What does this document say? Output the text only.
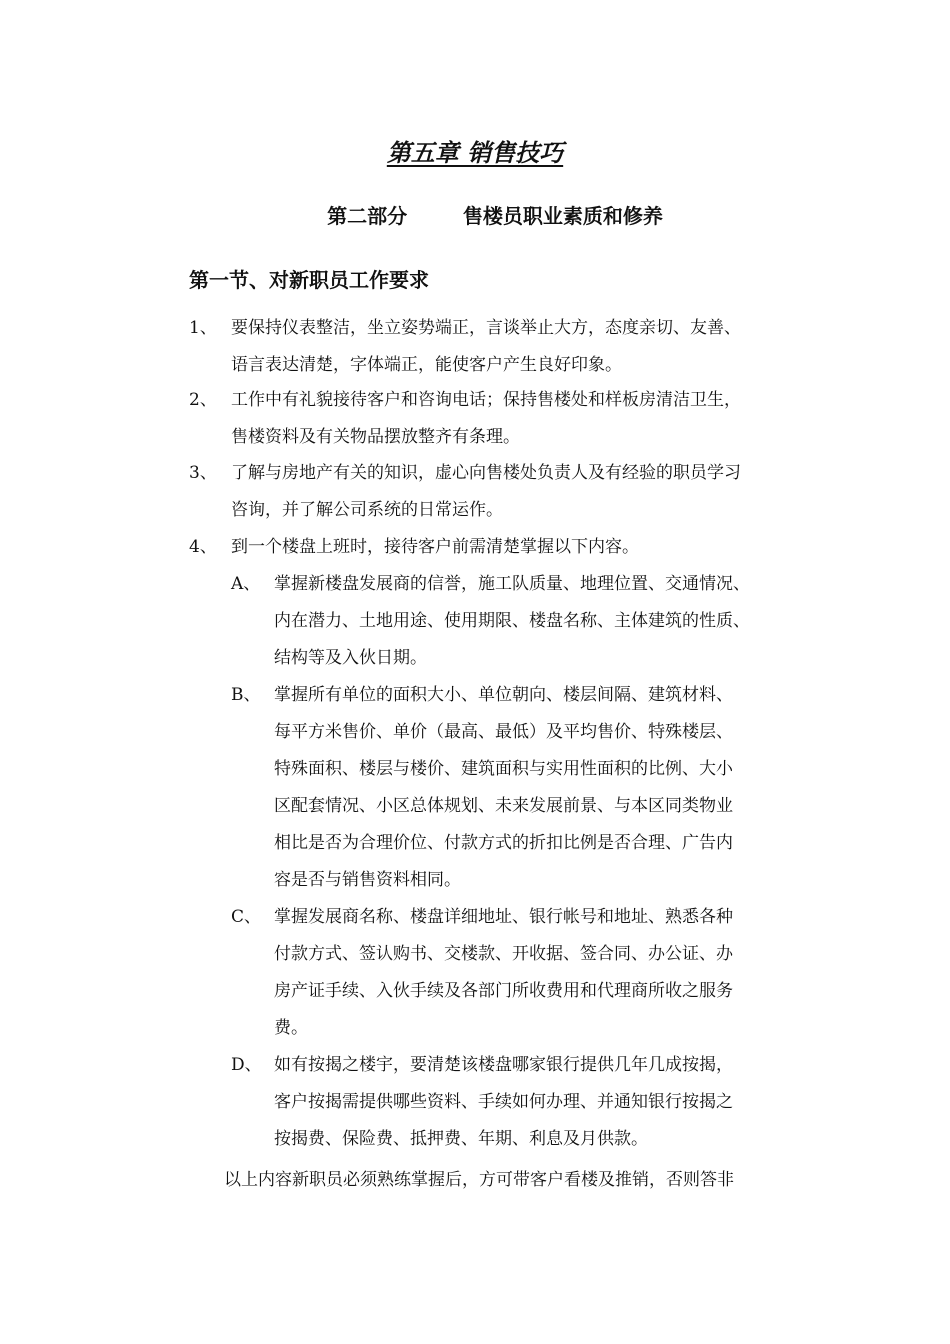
第五章 销售技巧
第二部分        售楼员职业素质和修养
第一节、对新职员工作要求
1、 要保持仪表整洁，坐立姿势端正，言谈举止大方，态度亲切、友善、
语言表达清楚，字体端正，能使客户产生良好印象。
2、 工作中有礼貌接待客户和咨询电话；保持售楼处和样板房清洁卫生，
售楼资料及有关物品摆放整齐有条理。
3、 了解与房地产有关的知识，虚心向售楼处负责人及有经验的职员学习
咨询，并了解公司系统的日常运作。
4、 到一个楼盘上班时，接待客户前需清楚掌握以下内容。
A、 掌握新楼盘发展商的信誉，施工队质量、地理位置、交通情况、
内在潜力、土地用途、使用期限、楼盘名称、主体建筑的性质、
结构等及入伙日期。
B、 掌握所有单位的面积大小、单位朝向、楼层间隔、建筑材料、
每平方米售价、单价（最高、最低）及平均售价、特殊楼层、
特殊面积、楼层与楼价、建筑面积与实用性面积的比例、大小
区配套情况、小区总体规划、未来发展前景、与本区同类物业
相比是否为合理价位、付款方式的折扣比例是否合理、广告内
容是否与销售资料相同。
C、 掌握发展商名称、楼盘详细地址、银行帐号和地址、熟悉各种
付款方式、签认购书、交楼款、开收据、签合同、办公证、办
房产证手续、入伙手续及各部门所收费用和代理商所收之服务
费。
D、 如有按揭之楼宇，要清楚该楼盘哪家银行提供几年几成按揭，
客户按揭需提供哪些资料、手续如何办理、并通知银行按揭之
按揭费、保险费、抵押费、年期、利息及月供款。
以上内容新职员必须熟练掌握后，方可带客户看楼及推销，否则答非
